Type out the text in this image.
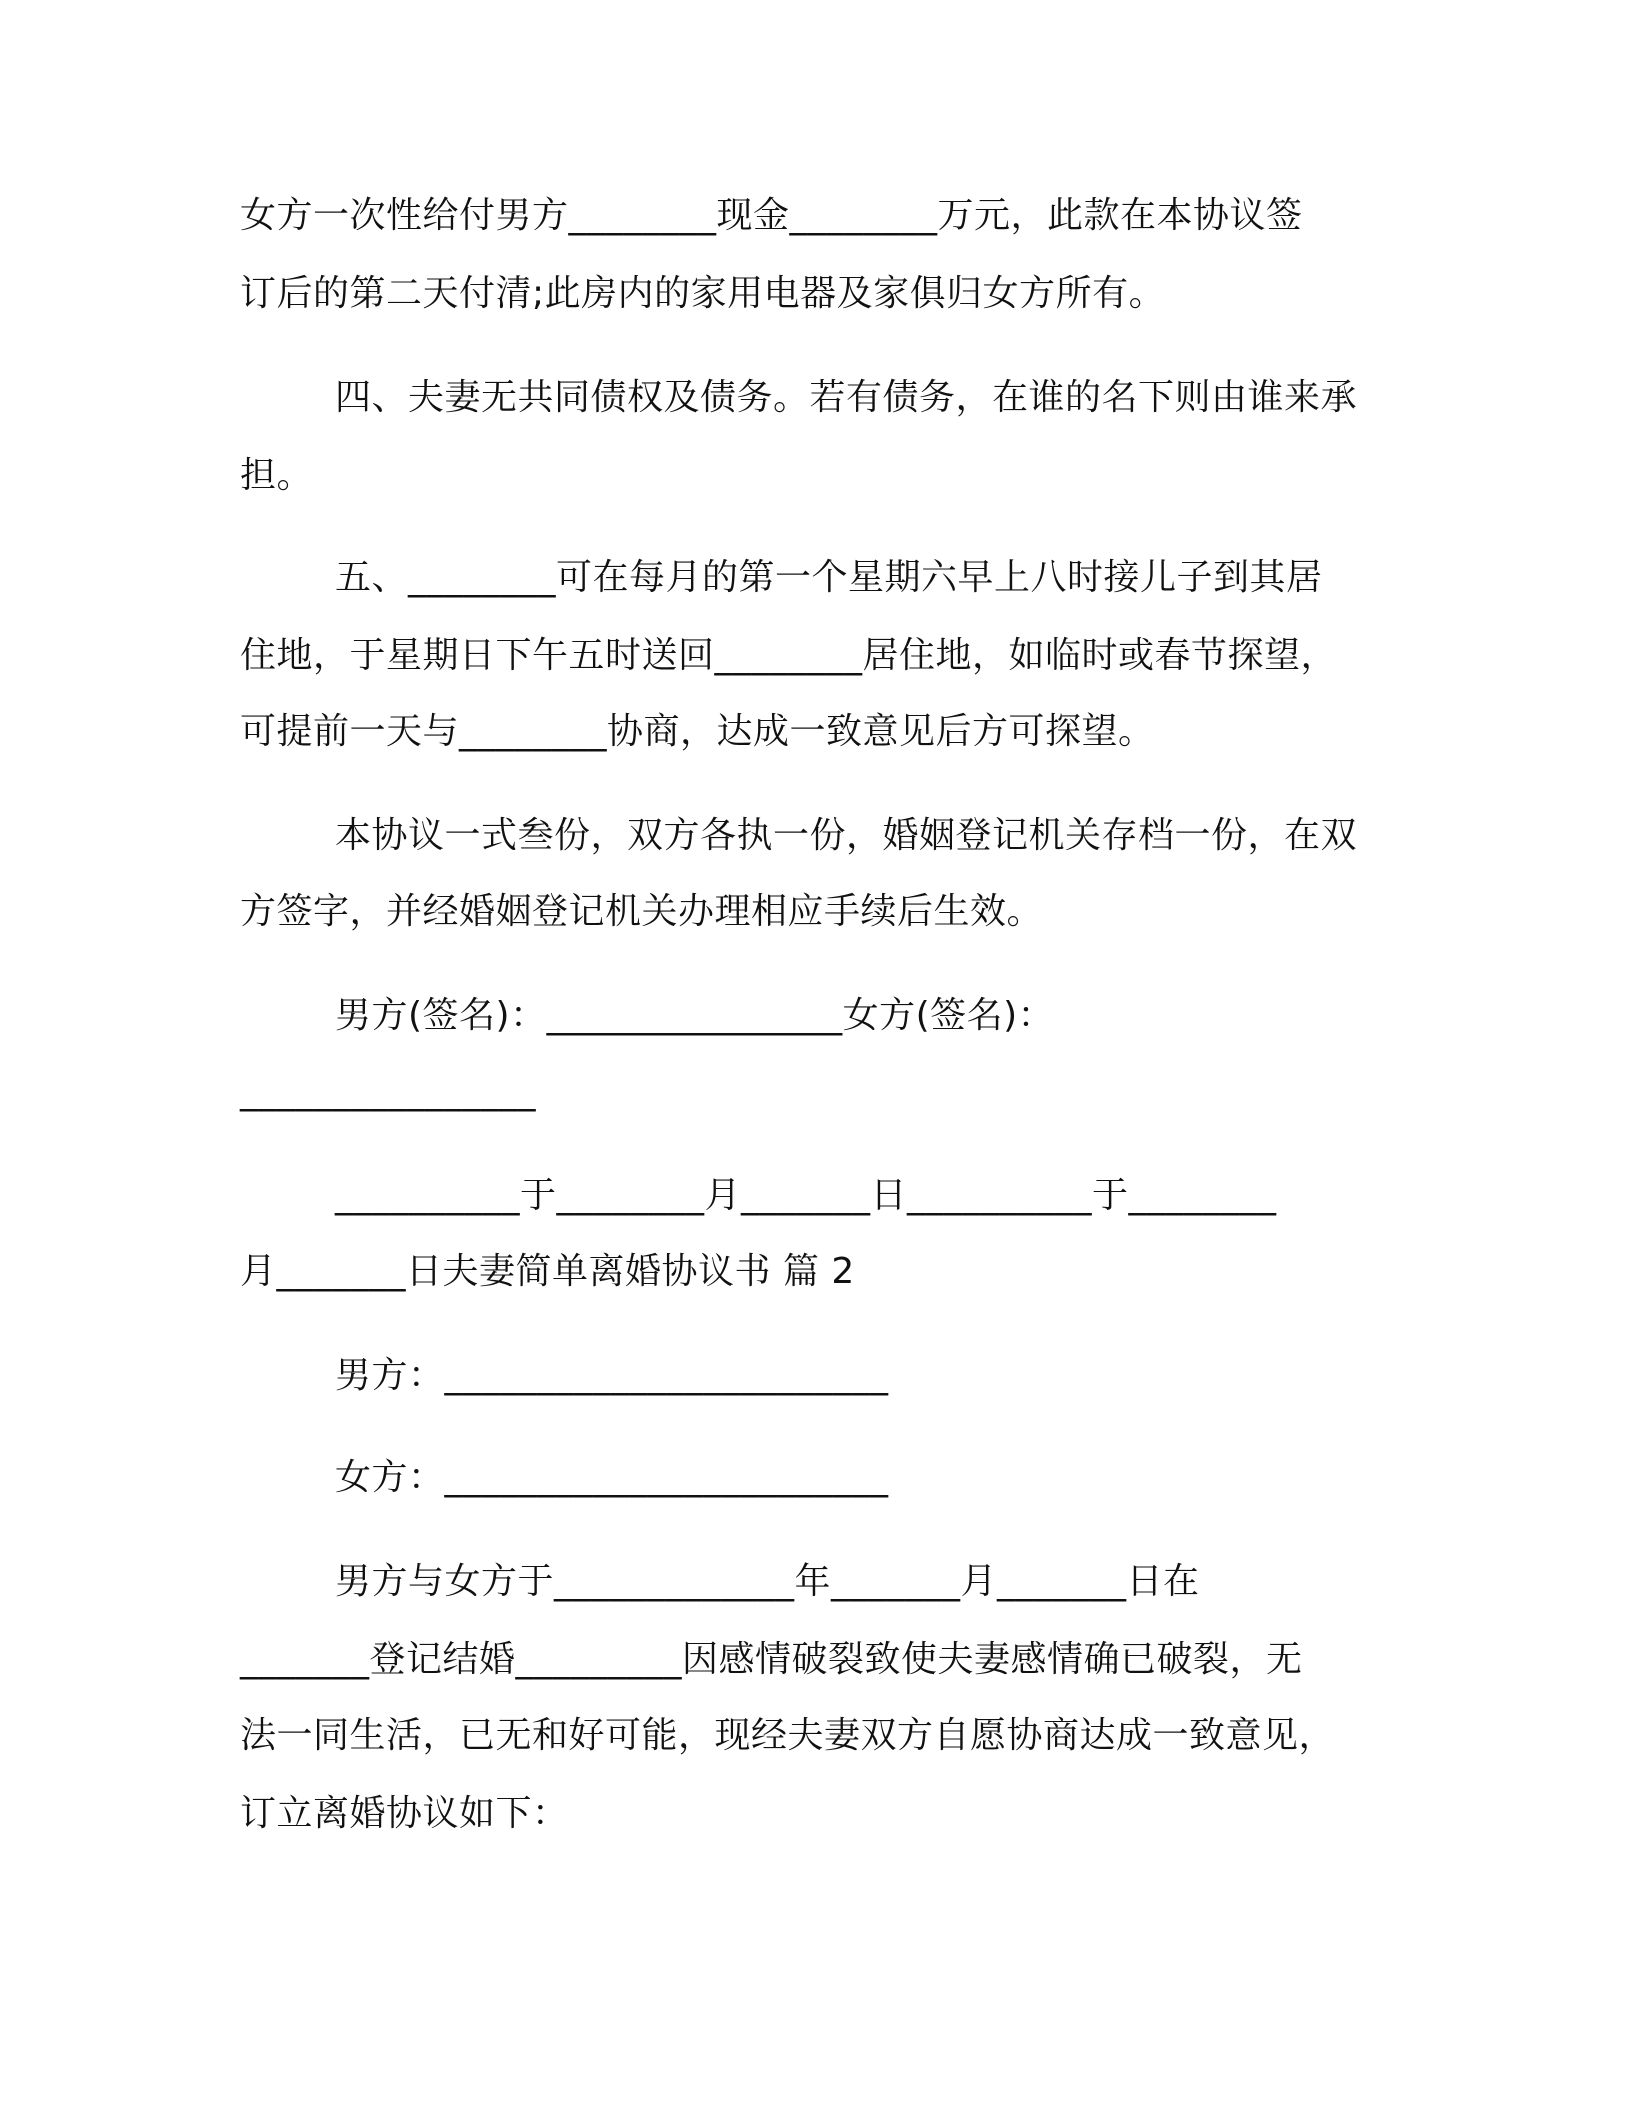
女方一次性给付男方________现金________万元，此款在本协议签
订后的第二天付清;此房内的家用电器及家俱归女方所有。
四、夫妻无共同债权及债务。若有债务，在谁的名下则由谁来承
担。
五、________可在每月的第一个星期六早上八时接儿子到其居
住地，于星期日下午五时送回________居住地，如临时或春节探望，
可提前一天与________协商，达成一致意见后方可探望。
本协议一式叁份，双方各执一份，婚姻登记机关存档一份，在双
方签字，并经婚姻登记机关办理相应手续后生效。
男方(签名)：________________女方(签名)：
________________
__________于________月_______日__________于________
月_______日夫妻简单离婚协议书 篇 2
男方：________________________
女方：________________________
男方与女方于_____________年_______月_______日在
_______登记结婚_________因感情破裂致使夫妻感情确已破裂，无
法一同生活，已无和好可能，现经夫妻双方自愿协商达成一致意见，
订立离婚协议如下：
